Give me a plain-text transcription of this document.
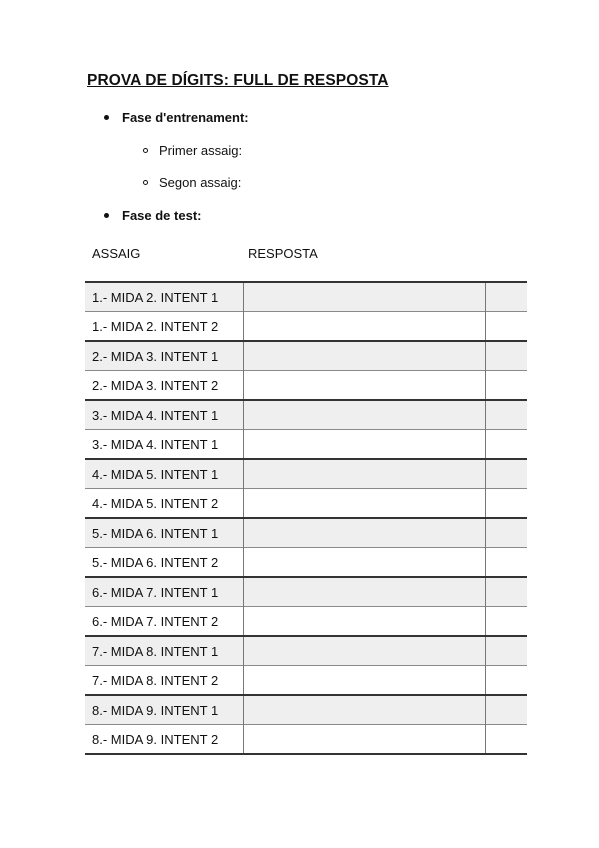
PROVA DE DÍGITS: FULL DE RESPOSTA
Fase d'entrenament:
Primer assaig:
Segon assaig:
Fase de test:
ASSAIG	RESPOSTA
1.- MIDA 2. INTENT 1		
1.- MIDA 2. INTENT 2		
2.- MIDA 3. INTENT 1		
2.- MIDA 3. INTENT 2		
3.- MIDA 4. INTENT 1		
3.- MIDA 4. INTENT 1		
4.- MIDA 5. INTENT 1		
4.- MIDA 5. INTENT 2		
5.- MIDA 6. INTENT 1		
5.- MIDA 6. INTENT 2		
6.- MIDA 7. INTENT 1		
6.- MIDA 7. INTENT 2		
7.- MIDA 8. INTENT 1		
7.- MIDA 8. INTENT 2		
8.- MIDA 9. INTENT 1		
8.- MIDA 9. INTENT 2		
